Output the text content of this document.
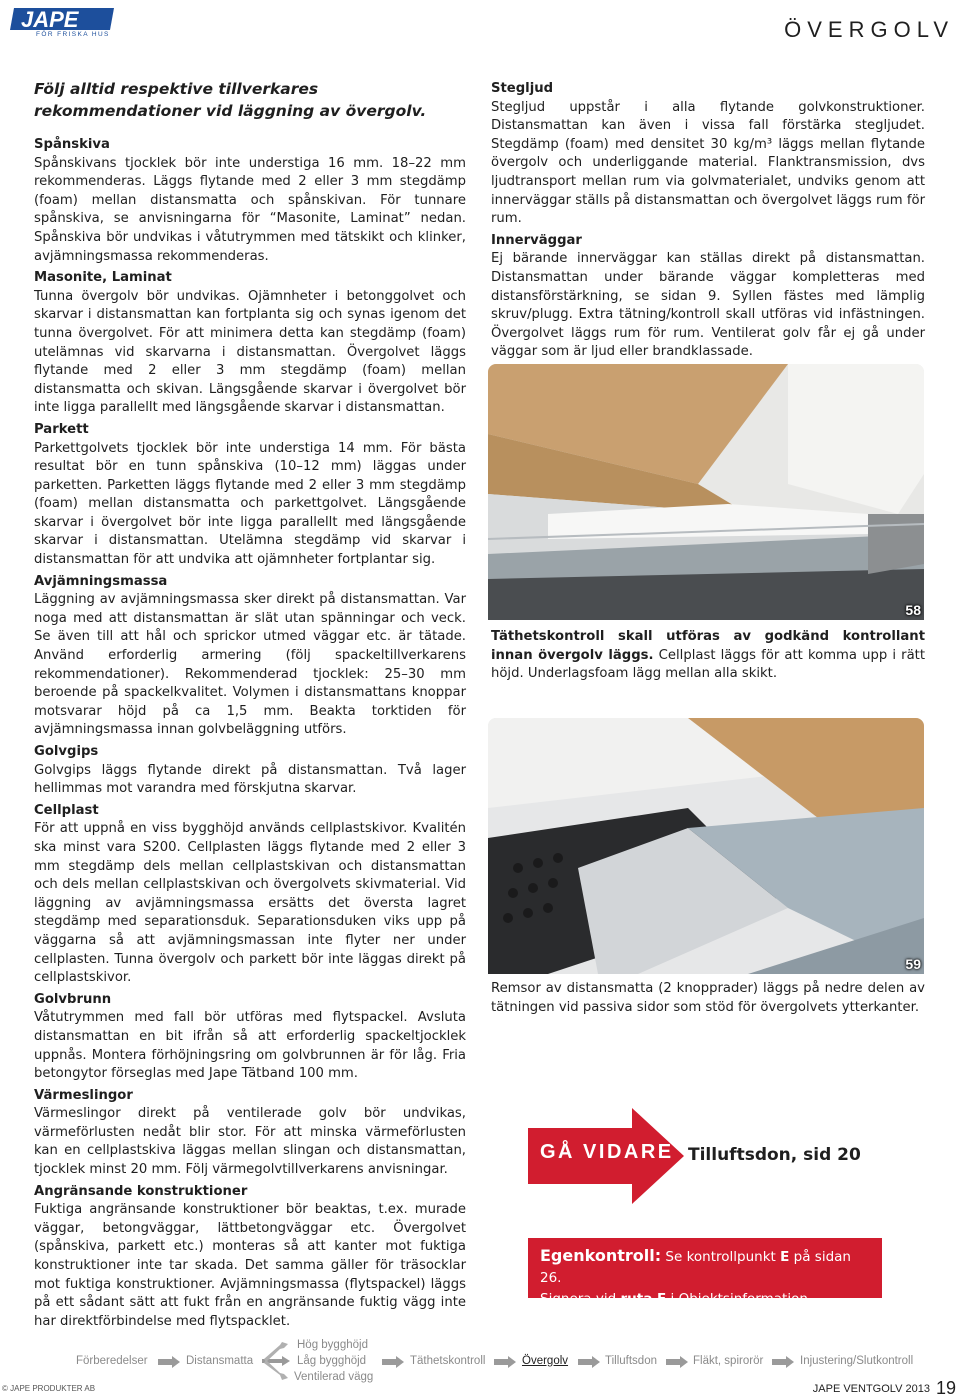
JAPE
FÖR FRISKA HUS	ÖVERGOLV
Följ alltid respektive tillverkares rekommendationer vid läggning av övergolv.
Spånskiva
Spånskivans tjocklek bör inte understiga 16 mm. 18–22 mm rekommenderas. Läggs flytande med 2 eller 3 mm stegdämp (foam) mellan distansmatta och spånskivan. För tunnare spånskiva, se anvisningarna för “Masonite, Laminat” nedan. Spånskiva bör undvikas i våtutrymmen med tätskikt och klinker, avjämningsmassa rekommenderas.
Masonite, Laminat
Tunna övergolv bör undvikas. Ojämnheter i betonggolvet och skarvar i distansmattan kan fortplanta sig och synas igenom det tunna övergolvet. För att minimera detta kan stegdämp (foam) utelämnas vid skarvarna i distansmattan. Övergolvet läggs flytande med 2 eller 3 mm stegdämp (foam) mellan distansmatta och skivan. Längsgående skarvar i övergolvet bör inte ligga parallellt med längsgående skarvar i distansmattan.
Parkett
Parkettgolvets tjocklek bör inte understiga 14 mm. För bästa resultat bör en tunn spånskiva (10–12 mm) läggas under parketten. Parketten läggs flytande med 2 eller 3 mm stegdämp (foam) mellan distansmatta och parkettgolvet. Längsgående skarvar i övergolvet bör inte ligga parallellt med längsgående skarvar i distansmattan. Utelämna stegdämp vid skarvar i distansmattan för att undvika att ojämnheter fortplantar sig.
Avjämningsmassa
Läggning av avjämningsmassa sker direkt på distansmattan. Var noga med att distansmattan är slät utan spänningar och veck. Se även till att hål och sprickor utmed väggar etc. är tätade. Använd erforderlig armering (följ spackeltillverkarens rekommendationer). Rekommenderad tjocklek: 25–30 mm beroende på spackelkvalitet. Volymen i distansmattans knoppar motsvarar höjd på ca 1,5 mm. Beakta torktiden för avjämningsmassa innan golvbeläggning utförs.
Golvgips
Golvgips läggs flytande direkt på distansmattan. Två lager hellimmas mot varandra med förskjutna skarvar.
Cellplast
För att uppnå en viss bygghöjd används cellplastskivor. Kvalitén ska minst vara S200. Cellplasten läggs flytande med 2 eller 3 mm stegdämp dels mellan cellplastskivan och distansmattan och dels mellan cellplastskivan och övergolvets skivmaterial. Vid läggning av avjämningsmassa ersätts det översta lagret stegdämp med separationsduk. Separationsduken viks upp på väggarna så att avjämningsmassan inte flyter ner under cellplasten. Tunna övergolv och parkett bör inte läggas direkt på cellplastskivor.
Golvbrunn
Våtutrymmen med fall bör utföras med flytspackel. Avsluta distansmattan en bit ifrån så att erforderlig spackeltjocklek uppnås. Montera förhöjningsring om golvbrunnen är för låg. Fria betongytor förseglas med Jape Tätband 100 mm.
Värmeslingor
Värmeslingor direkt på ventilerade golv bör undvikas, värmeförlusten nedåt blir stor. För att minska värmeförlusten kan en cellplastskiva läggas mellan slingan och distansmattan, tjocklek minst 20 mm. Följ värmegolvtillverkarens anvisningar.
Angränsande konstruktioner
Fuktiga angränsande konstruktioner bör beaktas, t.ex. murade väggar, betongväggar, lättbetongväggar etc. Övergolvet (spånskiva, parkett etc.) monteras så att kanter mot fuktiga konstruktioner inte tar skada. Det samma gäller för träsocklar mot fuktiga konstruktioner. Avjämningsmassa (flytspackel) läggs på ett sådant sätt att fukt från en angränsande fuktig vägg inte har direktförbindelse med flytspacklet.
Stegljud
Stegljud uppstår i alla flytande golvkonstruktioner. Distansmattan kan även i vissa fall förstärka stegljudet. Stegdämp (foam) med densitet 30 kg/m³ läggs mellan flytande övergolv och underliggande material. Flanktransmission, dvs ljudtransport mellan rum via golvmaterialet, undviks genom att innerväggar ställs på distansmattan och övergolvet läggs rum för rum.
Innerväggar
Ej bärande innerväggar kan ställas direkt på distansmattan. Distansmattan under bärande väggar kompletteras med distansförstärkning, se sidan 9. Syllen fästes med lämplig skruv/plugg. Extra tätning/kontroll skall utföras vid infästningen. Övergolvet läggs rum för rum. Ventilerat golv får ej gå under väggar som är ljud eller brandklassade.
58
Täthetskontroll skall utföras av godkänd kontrollant innan övergolv läggs. Cellplast läggs för att komma upp i rätt höjd. Underlagsfoam lägg mellan alla skikt.
59
Remsor av distansmatta (2 knopprader) läggs på nedre delen av tätningen vid passiva sidor som stöd för övergolvets ytterkanter.
GÅ VIDARE Tilluftsdon, sid 20
Egenkontroll: Se kontrollpunkt E på sidan 26.
Signera vid ruta E i Objektsinformation – följebrev.
Förberedelser	Distansmatta
Hög bygghöjd
Låg bygghöjd
Ventilerad vägg
Täthetskontroll	Övergolv	Tilluftsdon	Fläkt, spirorör	Injustering/Slutkontroll
© JAPE PRODUKTER AB	JAPE VENTGOLV 2013 19
